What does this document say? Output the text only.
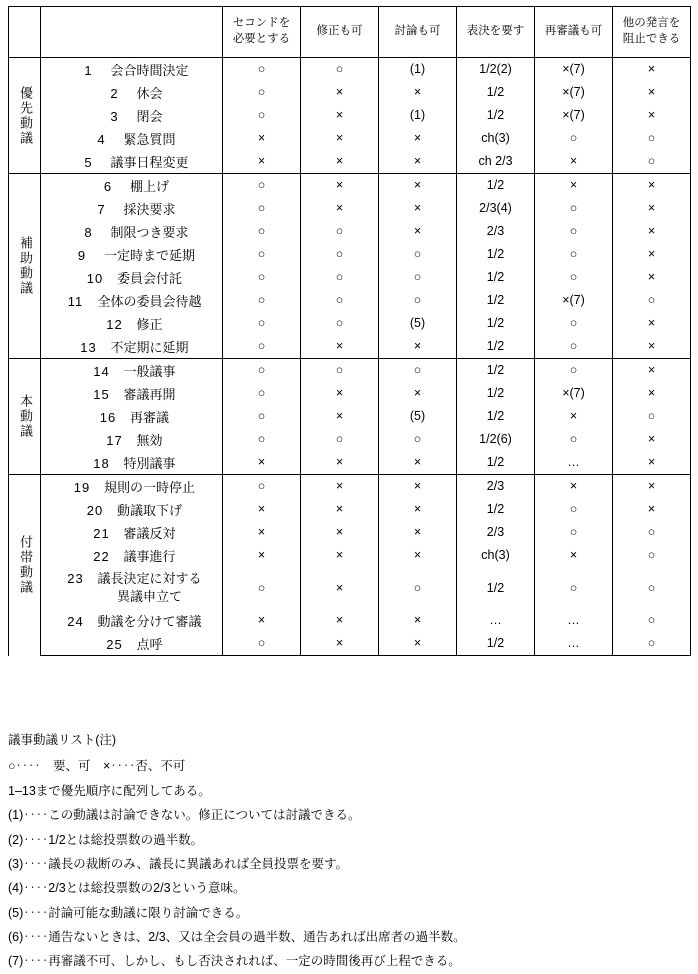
		セコンドを
必要とする	修正も可	討論も可	表決を要す	再審議も可	他の発言を
阻止できる
優先動議	1 会合時間決定	○	○	(1)	1/2(2)	×(7)	×
	2 休会	○	×	×	1/2	×(7)	×
	3 閉会	○	×	(1)	1/2	×(7)	×
	4 緊急質問	×	×	×	ch(3)	○	○
	5 議事日程変更	×	×	×	ch 2/3	×	○
補助動議	6 棚上げ	○	×	×	1/2	×	×
	7 採決要求	○	×	×	2/3(4)	○	×
	8 制限つき要求	○	○	×	2/3	○	×
	9 一定時まで延期	○	○	○	1/2	○	×
	10 委員会付託	○	○	○	1/2	○	×
	11 全体の委員会待越	○	○	○	1/2	×(7)	○
	12 修正	○	○	(5)	1/2	○	×
	13 不定期に延期	○	×	×	1/2	○	×
本動議	14 一般議事	○	○	○	1/2	○	×
	15 審議再開	○	×	×	1/2	×(7)	×
	16 再審議	○	×	(5)	1/2	×	○
	17 無効	○	○	○	1/2(6)	○	×
	18 特別議事	×	×	×	1/2	…	×
付帯動議	19 規則の一時停止	○	×	×	2/3	×	×
	20 動議取下げ	×	×	×	1/2	○	×
	21 審議反対	×	×	×	2/3	○	○
	22 議事進行	×	×	×	ch(3)	×	○
	23 議長決定に対する
異議申立て	○	×	○	1/2	○	○
	24 動議を分けて審議	×	×	×	…	…	○
	25 点呼	○	×	×	1/2	…	○
議事動議リスト(注)
○‥‥　要、可　×‥‥否、不可
1–13まで優先順序に配列してある。
(1)‥‥この動議は討論できない。修正については討議できる。
(2)‥‥1/2とは総投票数の過半数。
(3)‥‥議長の裁断のみ、議長に異議あれば全員投票を要す。
(4)‥‥2/3とは総投票数の2/3という意味。
(5)‥‥討論可能な動議に限り討論できる。
(6)‥‥通告ないときは、2/3、又は全会員の過半数、通告あれば出席者の過半数。
(7)‥‥再審議不可、しかし、もし否決されれば、一定の時間後再び上程できる。
